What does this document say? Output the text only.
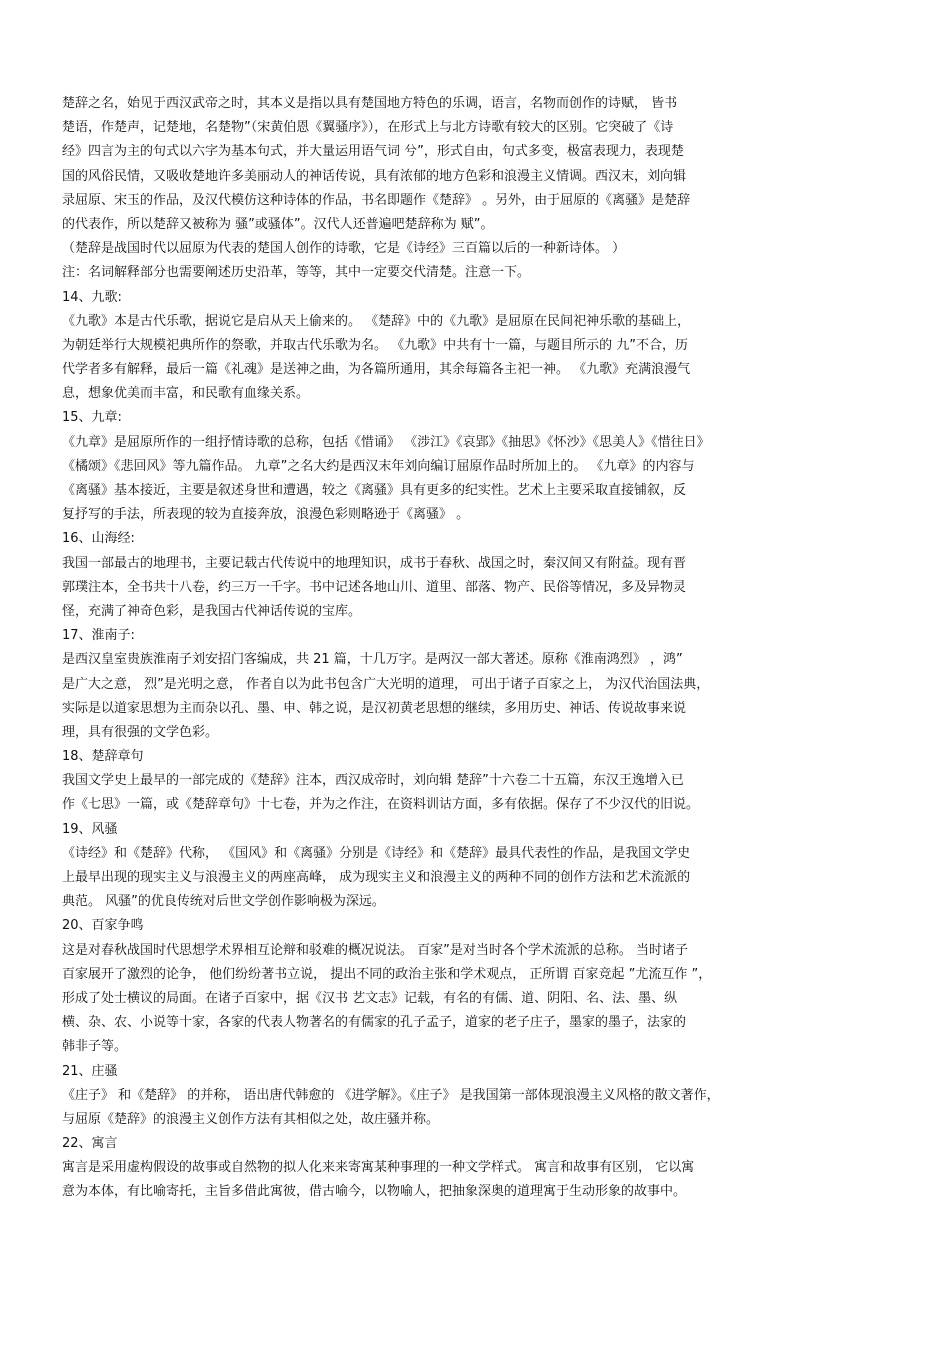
楚辞之名，始见于西汉武帝之时，其本义是指以具有楚国地方特色的乐调，语言，名物而创作的诗赋， 皆书
楚语，作楚声，记楚地，名楚物”（宋黄伯恩《翼骚序》），在形式上与北方诗歌有较大的区别。它突破了《诗
经》四言为主的句式以六字为基本句式，并大量运用语气词 兮”，形式自由，句式多变，极富表现力，表现楚
国的风俗民情，又吸收楚地许多美丽动人的神话传说，具有浓郁的地方色彩和浪漫主义情调。西汉末，刘向辑
录屈原、宋玉的作品，及汉代模仿这种诗体的作品，书名即题作《楚辞》 。另外，由于屈原的《离骚》是楚辞
的代表作，所以楚辞又被称为 骚”或骚体”。汉代人还普遍吧楚辞称为 赋”。
（楚辞是战国时代以屈原为代表的楚国人创作的诗歌，它是《诗经》三百篇以后的一种新诗体。 ）
注：名词解释部分也需要阐述历史沿革，等等，其中一定要交代清楚。注意一下。
14、九歌:
《九歌》本是古代乐歌，据说它是启从天上偷来的。 《楚辞》中的《九歌》是屈原在民间祀神乐歌的基础上，
为朝廷举行大规模祀典所作的祭歌，并取古代乐歌为名。 《九歌》中共有十一篇，与题目所示的 九”不合，历
代学者多有解释，最后一篇《礼魂》是送神之曲，为各篇所通用，其余每篇各主祀一神。 《九歌》充满浪漫气
息，想象优美而丰富，和民歌有血缘关系。
15、九章:
《九章》是屈原所作的一组抒情诗歌的总称，包括《惜诵》 《涉江》《哀郢》《抽思》《怀沙》《思美人》《惜往日》
《橘颂》《悲回风》等九篇作品。 九章”之名大约是西汉末年刘向编订屈原作品时所加上的。 《九章》的内容与
《离骚》基本接近，主要是叙述身世和遭遇，较之《离骚》具有更多的纪实性。艺术上主要采取直接铺叙，反
复抒写的手法，所表现的较为直接奔放，浪漫色彩则略逊于《离骚》 。
16、山海经:
我国一部最古的地理书，主要记载古代传说中的地理知识，成书于春秋、战国之时，秦汉间又有附益。现有晋
郭璞注本，全书共十八卷，约三万一千字。书中记述各地山川、道里、部落、物产、民俗等情况，多及异物灵
怪，充满了神奇色彩，是我国古代神话传说的宝库。
17、淮南子:
是西汉皇室贵族淮南子刘安招门客编成，共 21 篇，十几万字。是两汉一部大著述。原称《淮南鸿烈》 ，鸿”
是广大之意， 烈”是光明之意， 作者自以为此书包含广大光明的道理， 可出于诸子百家之上， 为汉代治国法典，
实际是以道家思想为主而杂以孔、墨、申、韩之说，是汉初黄老思想的继续，多用历史、神话、传说故事来说
理，具有很强的文学色彩。
18、楚辞章句
我国文学史上最早的一部完成的《楚辞》注本，西汉成帝时，刘向辑 楚辞”十六卷二十五篇，东汉王逸增入已
作《七思》一篇，或《楚辞章句》十七卷，并为之作注，在资料训诂方面，多有依据。保存了不少汉代的旧说。
19、风骚
《诗经》和《楚辞》代称， 《国风》和《离骚》分别是《诗经》和《楚辞》最具代表性的作品，是我国文学史
上最早出现的现实主义与浪漫主义的两座高峰， 成为现实主义和浪漫主义的两种不同的创作方法和艺术流派的
典范。 风骚”的优良传统对后世文学创作影响极为深远。
20、百家争鸣
这是对春秋战国时代思想学术界相互论辩和驳难的概况说法。 百家”是对当时各个学术流派的总称。 当时诸子
百家展开了激烈的论争， 他们纷纷著书立说， 提出不同的政治主张和学术观点， 正所谓 百家竞起 ”尤流互作 ”，
形成了处士横议的局面。在诸子百家中，据《汉书 艺文志》记载，有名的有儒、道、阴阳、名、法、墨、纵
横、杂、农、小说等十家，各家的代表人物著名的有儒家的孔子孟子，道家的老子庄子，墨家的墨子，法家的
韩非子等。
21、庄骚
《庄子》 和《楚辞》 的并称， 语出唐代韩愈的 《进学解》。《庄子》 是我国第一部体现浪漫主义风格的散文著作，
与屈原《楚辞》的浪漫主义创作方法有其相似之处，故庄骚并称。
22、寓言
寓言是采用虚构假设的故事或自然物的拟人化来来寄寓某种事理的一种文学样式。 寓言和故事有区别， 它以寓
意为本体，有比喻寄托，主旨多借此寓彼，借古喻今，以物喻人，把抽象深奥的道理寓于生动形象的故事中。
